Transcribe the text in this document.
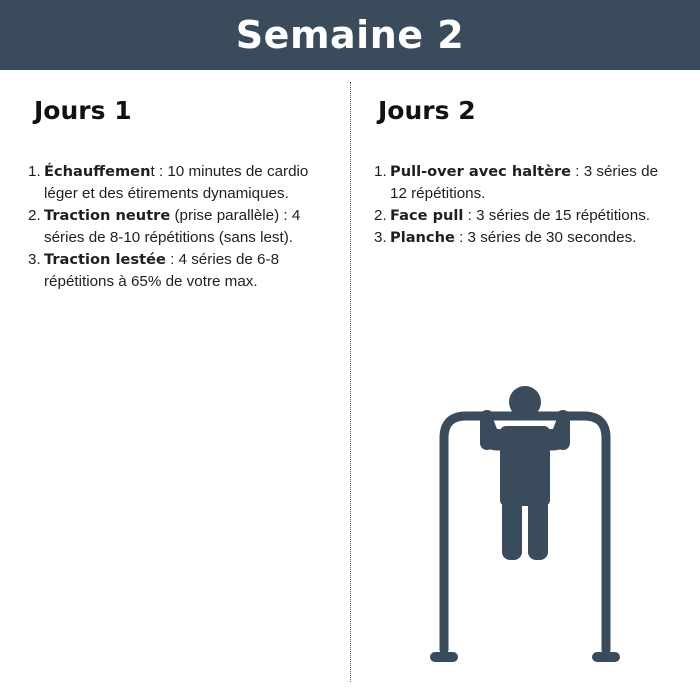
Semaine 2
Jours 1
1. Échauffement : 10 minutes de cardio léger et des étirements dynamiques.
2. Traction neutre (prise parallèle) : 4 séries de 8-10 répétitions (sans lest).
3. Traction lestée : 4 séries de 6-8 répétitions à 65% de votre max.
Jours 2
1. Pull-over avec haltère : 3 séries de 12 répétitions.
2. Face pull : 3 séries de 15 répétitions.
3. Planche : 3 séries de 30 secondes.
